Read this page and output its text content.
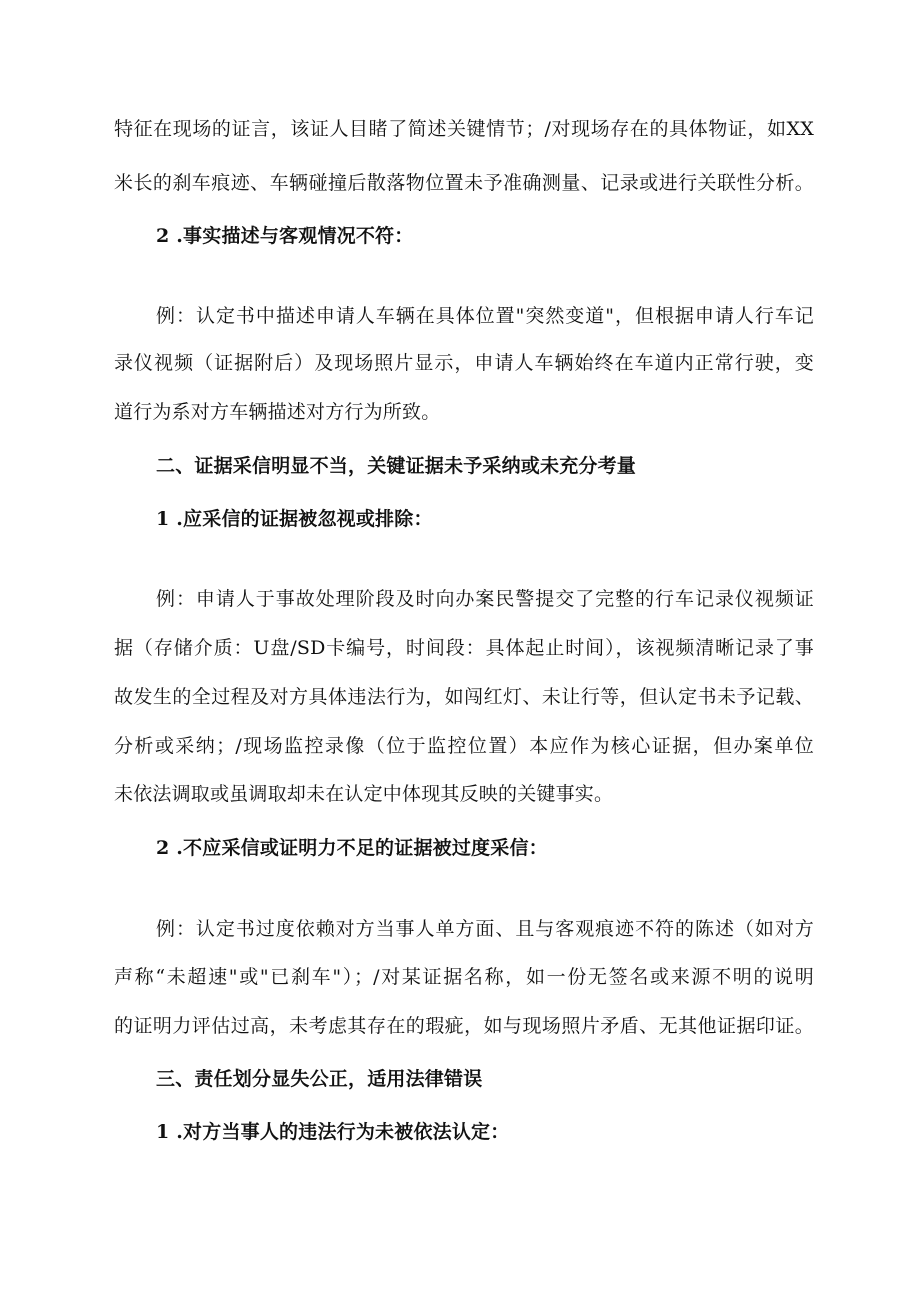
特征在现场的证言，该证人目睹了简述关键情节；/对现场存在的具体物证，如XX
米长的刹车痕迹、车辆碰撞后散落物位置未予准确测量、记录或进行关联性分析。
2 .事实描述与客观情况不符：
例：认定书中描述申请人车辆在具体位置"突然变道"，但根据申请人行车记
录仪视频（证据附后）及现场照片显示，申请人车辆始终在车道内正常行驶，变
道行为系对方车辆描述对方行为所致。
二、证据采信明显不当，关键证据未予采纳或未充分考量
1 .应采信的证据被忽视或排除：
例：申请人于事故处理阶段及时向办案民警提交了完整的行车记录仪视频证
据（存储介质：U盘/SD卡编号，时间段：具体起止时间），该视频清晰记录了事
故发生的全过程及对方具体违法行为，如闯红灯、未让行等，但认定书未予记载、
分析或采纳；/现场监控录像（位于监控位置）本应作为核心证据，但办案单位
未依法调取或虽调取却未在认定中体现其反映的关键事实。
2 .不应采信或证明力不足的证据被过度采信：
例：认定书过度依赖对方当事人单方面、且与客观痕迹不符的陈述（如对方
声称“未超速"或"已刹车"）；/对某证据名称，如一份无签名或来源不明的说明
的证明力评估过高，未考虑其存在的瑕疵，如与现场照片矛盾、无其他证据印证。
三、责任划分显失公正，适用法律错误
1 .对方当事人的违法行为未被依法认定：
